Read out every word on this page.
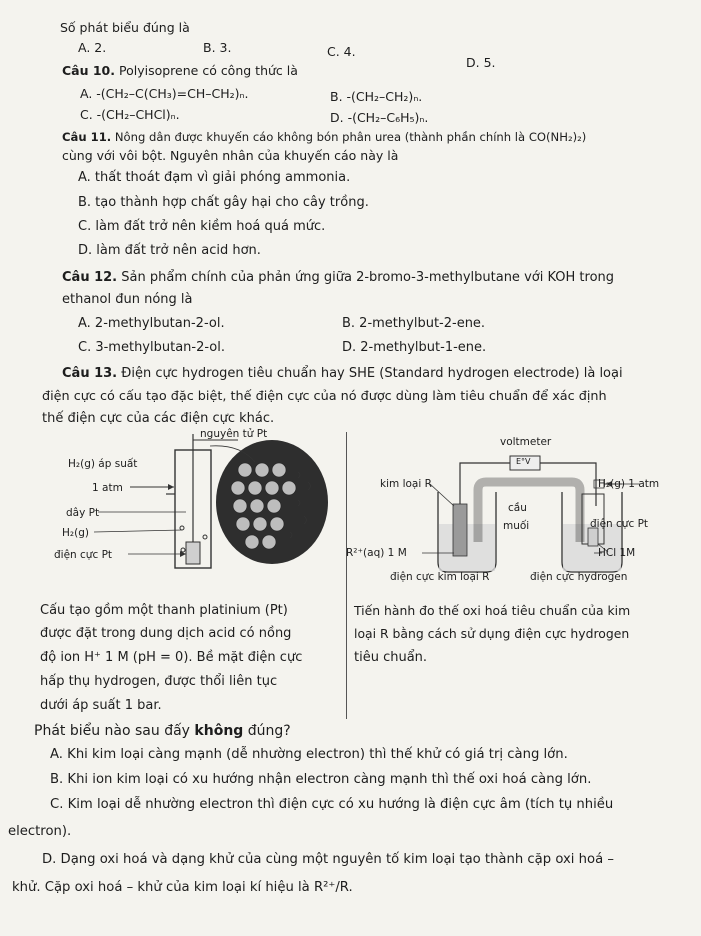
Số phát biểu đúng là
A. 2.	B. 3.	C. 4.
D. 5.
Câu 10. Polyisoprene có công thức là
A. -(CH₂–C(CH₃)=CH–CH₂)ₙ.	B. -(CH₂–CH₂)ₙ.
C. -(CH₂–CHCl)ₙ.	D. -(CH₂–C₆H₅)ₙ.
Câu 11. Nông dân được khuyến cáo không bón phân urea (thành phần chính là CO(NH₂)₂)
cùng với vôi bột. Nguyên nhân của khuyến cáo này là
A. thất thoát đạm vì giải phóng ammonia.
B. tạo thành hợp chất gây hại cho cây trồng.
C. làm đất trở nên kiềm hoá quá mức.
D. làm đất trở nên acid hơn.
Câu 12. Sản phẩm chính của phản ứng giữa 2-bromo-3-methylbutane với KOH trong
ethanol đun nóng là
A. 2-methylbutan-2-ol.	B. 2-methylbut-2-ene.
C. 3-methylbutan-2-ol.	D. 2-methylbut-1-ene.
Câu 13. Điện cực hydrogen tiêu chuẩn hay SHE (Standard hydrogen electrode) là loại
điện cực có cấu tạo đặc biệt, thế điện cực của nó được dùng làm tiêu chuẩn để xác định
thế điện cực của các điện cực khác.
nguyên tử Pt
H₂(g) áp suất
1 atm
dây Pt
H₂(g)
điện cực Pt
voltmeter
E°V
kim loại R	H₂(g) 1 atm
cầu
muối	điện cực Pt
R²⁺(aq) 1 M	HCl 1M
điện cực kim loại R	điện cực hydrogen
Cấu tạo gồm một thanh platinium (Pt)
được đặt trong dung dịch acid có nồng
độ ion H⁺ 1 M (pH = 0). Bề mặt điện cực
hấp thụ hydrogen, được thổi liên tục
dưới áp suất 1 bar.
Tiến hành đo thế oxi hoá tiêu chuẩn của kim
loại R bằng cách sử dụng điện cực hydrogen
tiêu chuẩn.
Phát biểu nào sau đấy không đúng?
A. Khi kim loại càng mạnh (dễ nhường electron) thì thế khử có giá trị càng lớn.
B. Khi ion kim loại có xu hướng nhận electron càng mạnh thì thế oxi hoá càng lớn.
C. Kim loại dễ nhường electron thì điện cực có xu hướng là điện cực âm (tích tụ nhiều
electron).
D. Dạng oxi hoá và dạng khử của cùng một nguyên tố kim loại tạo thành cặp oxi hoá –
khử. Cặp oxi hoá – khử của kim loại kí hiệu là R²⁺/R.
